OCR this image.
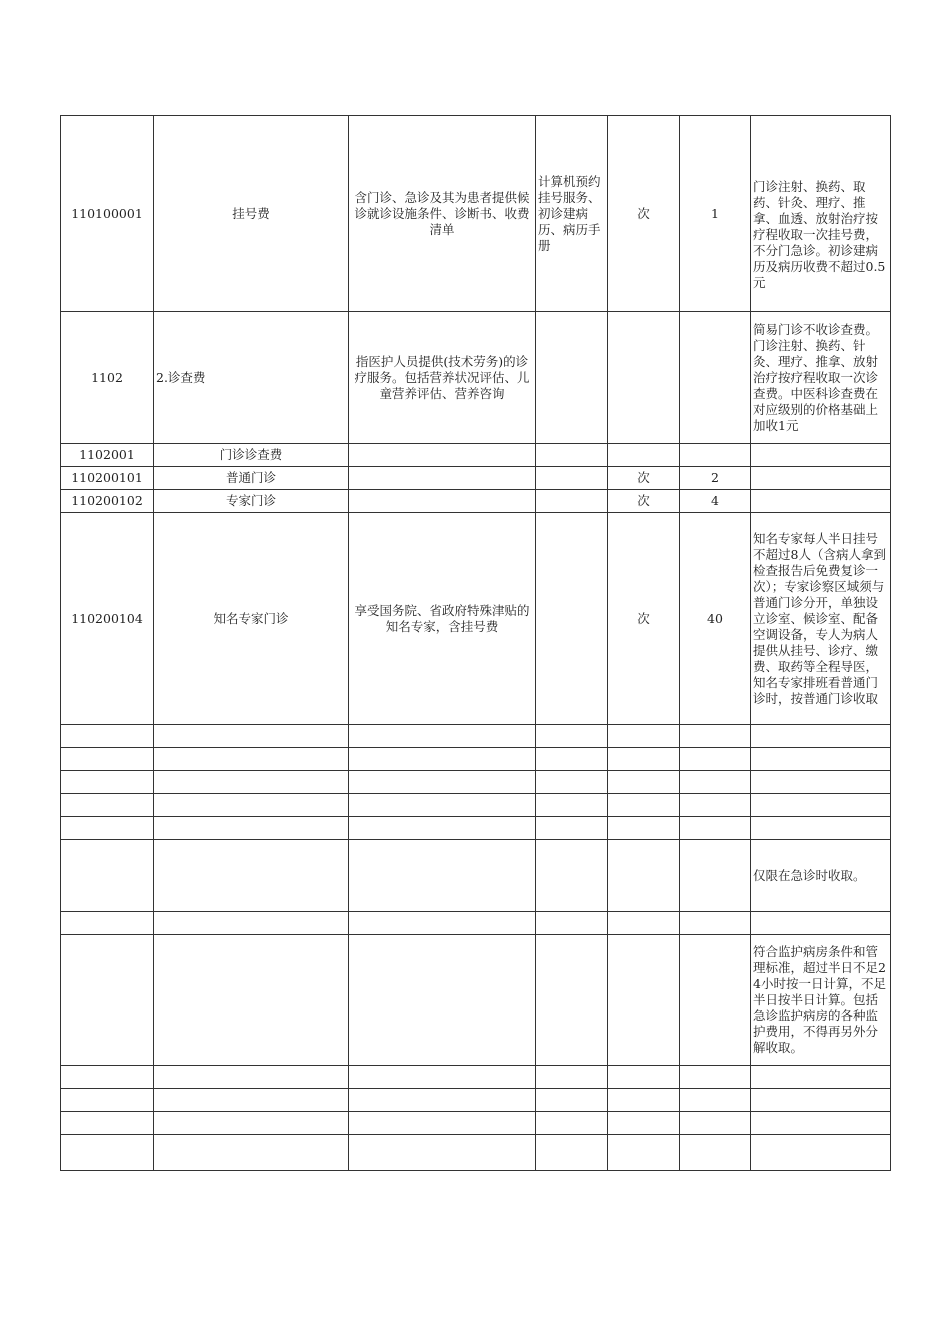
110100001	挂号费	含门诊、急诊及其为患者提供候诊就诊设施条件、诊断书、收费清单	计算机预约挂号服务、初诊建病历、病历手册	次	1	门诊注射、换药、取药、针灸、理疗、推拿、血透、放射治疗按疗程收取一次挂号费，不分门急诊。初诊建病历及病历收费不超过0.5元
1102	2.诊查费	指医护人员提供(技术劳务)的诊疗服务。包括营养状况评估、儿童营养评估、营养咨询				简易门诊不收诊查费。门诊注射、换药、针灸、理疗、推拿、放射治疗按疗程收取一次诊查费。中医科诊查费在对应级别的价格基础上加收1元
1102001	门诊诊查费					
110200101	普通门诊			次	2	
110200102	专家门诊			次	4	
110200104	知名专家门诊	享受国务院、省政府特殊津贴的知名专家，含挂号费		次	40	知名专家每人半日挂号不超过8人（含病人拿到检查报告后免费复诊一次）；专家诊察区域须与普通门诊分开，单独设立诊室、候诊室、配备空调设备，专人为病人提供从挂号、诊疗、缴费、取药等全程导医，知名专家排班看普通门诊时，按普通门诊收取

						仅限在急诊时收取。

						符合监护病房条件和管理标准，超过半日不足24小时按一日计算，不足半日按半日计算。包括急诊监护病房的各种监护费用，不得再另外分解收取。
